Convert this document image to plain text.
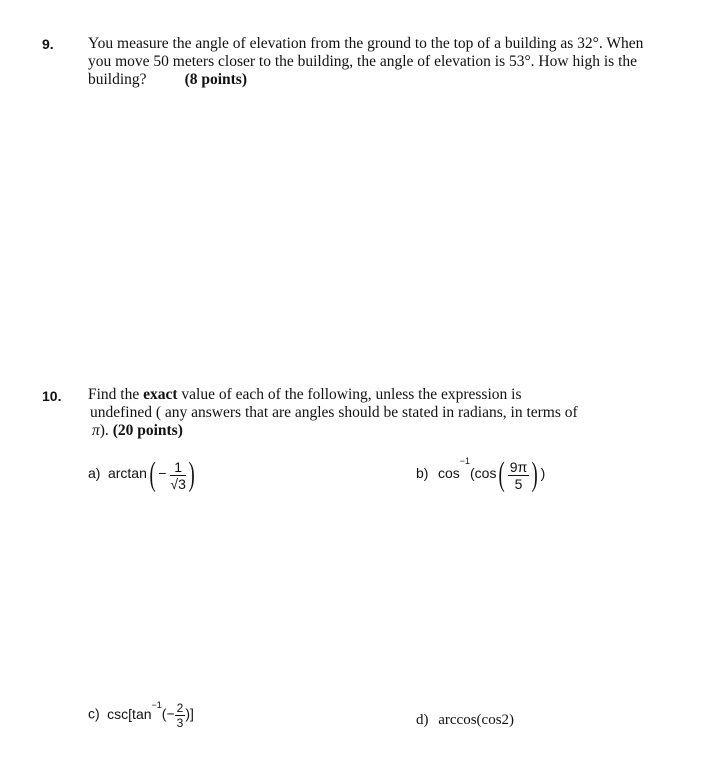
9. You measure the angle of elevation from the ground to the top of a building as 32°. When
you move 50 meters closer to the building, the angle of elevation is 53°. How high is the
building? (8 points)
10. Find the exact value of each of the following, unless the expression is
undefined ( any answers that are angles should be stated in radians, in terms of
π). (20 points)
a) $\arctan( - \frac{1}{√3}$ )	b) $\cos^{-1}(\cos( \frac{9\pi}{5}$ ) )
c) $\csc[\tan^{-1}(- \frac{2}{3}$ )]	d) arccos(cos2)
